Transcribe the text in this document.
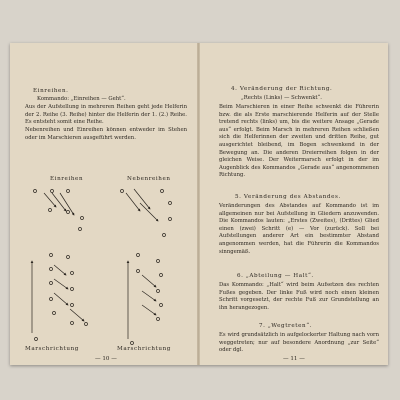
Einreihen.

Kommando: „Einreihen — Geht“.

Aus der Aufstellung in mehreren Reihen geht jede Helferin der 2. Reihe (3. Reihe) hinter die Helferin der 1. (2.) Reihe. Es entsteht somit eine Reihe.

Nebenreihen und Einreihen können entweder im Stehen oder im Marschieren ausgeführt werden.

Einreihen	Nebenreihen
Marschrichtung	Marschrichtung
— 10 —

4. Veränderung der Richtung.

„Rechts (Links) — Schwenkt“.

Beim Marschieren in einer Reihe schwenkt die Führerin bzw. die als Erste marschierende Helferin auf der Stelle tretend rechts (links) um, bis die weitere Ansage „Gerade aus“ erfolgt. Beim Marsch in mehreren Reihen schließen sich die Helferinnen der zweiten und dritten Reihe, gut ausgerichtet bleibend, im Bogen schwenkend in der Bewegung an. Die anderen Dreierreihen folgen in der gleichen Weise. Der Weitermarsch erfolgt in der im Augenblick des Kommandos „Gerade aus“ angenommenen Richtung.

5. Veränderung des Abstandes.

Veränderungen des Abstandes auf Kommando ist im allgemeinen nur bei Aufstellung in Gliedern anzuwenden. Die Kommandos lauten: „Erstes (Zweites), (Drittes) Glied einen (zwei) Schritt (e) — Vor (zurück). Soll bei Aufstellungen anderer Art ein bestimmter Abstand angenommen werden, hat die Führerin die Kommandos sinngemäß.

6. „Abteilung — Halt“.

Das Kommando: „Halt“ wird beim Aufsetzen des rechten Fußes gegeben. Der linke Fuß wird noch einen kleinen Schritt vorgesetzt, der rechte Fuß zur Grundstellung an ihn herangezogen.

7. „Wegtreten“.

Es wird grundsätzlich in aufgelockerter Haltung nach vorn weggetreten; nur auf besondere Anordnung „zur Seite“ oder dgl.

— 11 —
